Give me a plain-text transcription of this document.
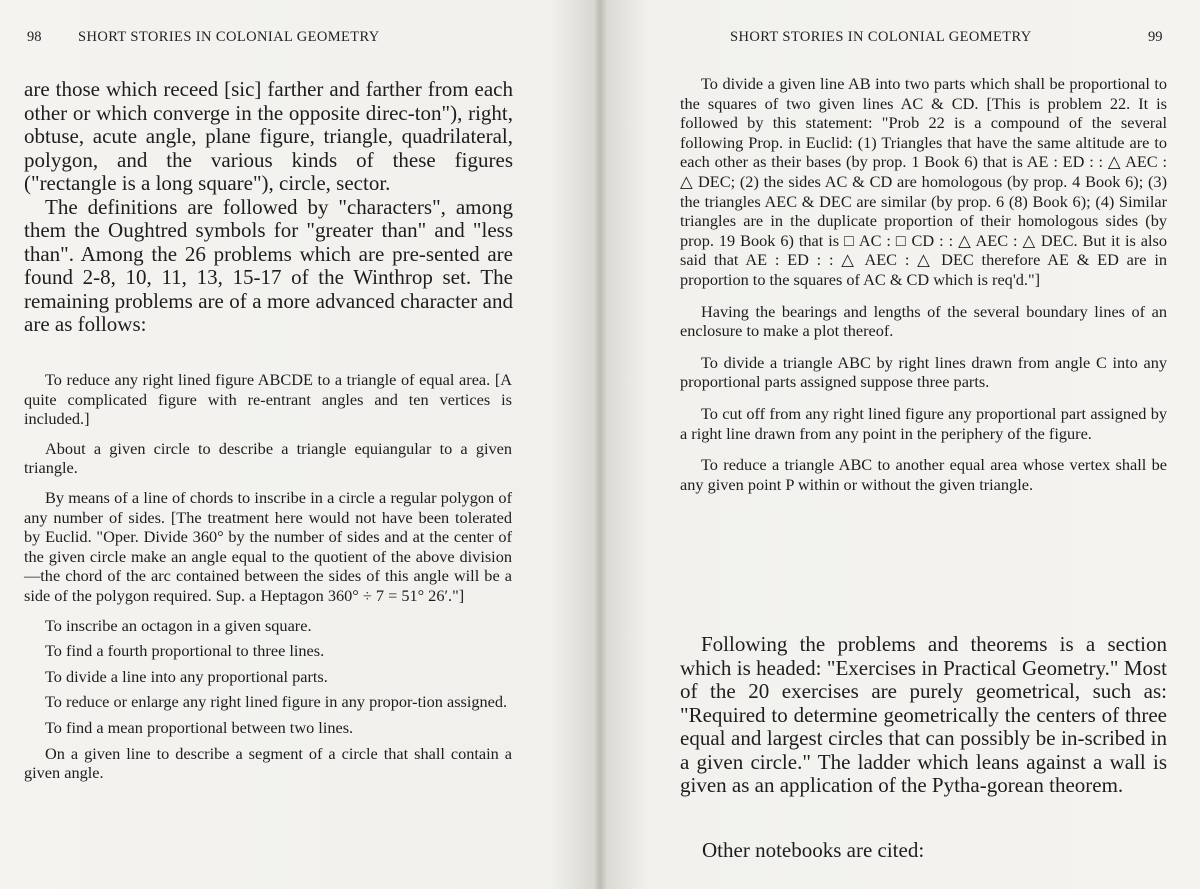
98	SHORT STORIES IN COLONIAL GEOMETRY

are those which receed [sic] farther and farther from each other or which converge in the opposite direc-ton"), right, obtuse, acute angle, plane figure, triangle, quadrilateral, polygon, and the various kinds of these figures ("rectangle is a long square"), circle, sector.

The definitions are followed by "characters", among them the Oughtred symbols for "greater than" and "less than". Among the 26 problems which are pre-sented are found 2-8, 10, 11, 13, 15-17 of the Winthrop set. The remaining problems are of a more advanced character and are as follows:

To reduce any right lined figure ABCDE to a triangle of equal area. [A quite complicated figure with re-entrant angles and ten vertices is included.]

About a given circle to describe a triangle equiangular to a given triangle.

By means of a line of chords to inscribe in a circle a regular polygon of any number of sides. [The treatment here would not have been tolerated by Euclid. "Oper. Divide 360° by the number of sides and at the center of the given circle make an angle equal to the quotient of the above division—the chord of the arc contained between the sides of this angle will be a side of the polygon required. Sup. a Heptagon 360° ÷ 7 = 51° 26′."]

To inscribe an octagon in a given square.

To find a fourth proportional to three lines.

To divide a line into any proportional parts.

To reduce or enlarge any right lined figure in any propor-tion assigned.

To find a mean proportional between two lines.

On a given line to describe a segment of a circle that shall contain a given angle.

SHORT STORIES IN COLONIAL GEOMETRY	99

To divide a given line AB into two parts which shall be proportional to the squares of two given lines AC & CD. [This is problem 22. It is followed by this statement: "Prob 22 is a compound of the several following Prop. in Euclid: (1) Triangles that have the same altitude are to each other as their bases (by prop. 1 Book 6) that is AE : ED : : △ AEC : △ DEC; (2) the sides AC & CD are homologous (by prop. 4 Book 6); (3) the triangles AEC & DEC are similar (by prop. 6 (8) Book 6); (4) Similar triangles are in the duplicate proportion of their homologous sides (by prop. 19 Book 6) that is □ AC : □ CD : : △ AEC : △ DEC. But it is also said that AE : ED : : △ AEC : △ DEC therefore AE & ED are in proportion to the squares of AC & CD which is req'd."]

Having the bearings and lengths of the several boundary lines of an enclosure to make a plot thereof.

To divide a triangle ABC by right lines drawn from angle C into any proportional parts assigned suppose three parts.

To cut off from any right lined figure any proportional part assigned by a right line drawn from any point in the periphery of the figure.

To reduce a triangle ABC to another equal area whose vertex shall be any given point P within or without the given triangle.

Following the problems and theorems is a section which is headed: "Exercises in Practical Geometry." Most of the 20 exercises are purely geometrical, such as: "Required to determine geometrically the centers of three equal and largest circles that can possibly be in-scribed in a given circle." The ladder which leans against a wall is given as an application of the Pytha-gorean theorem.

Other notebooks are cited:
